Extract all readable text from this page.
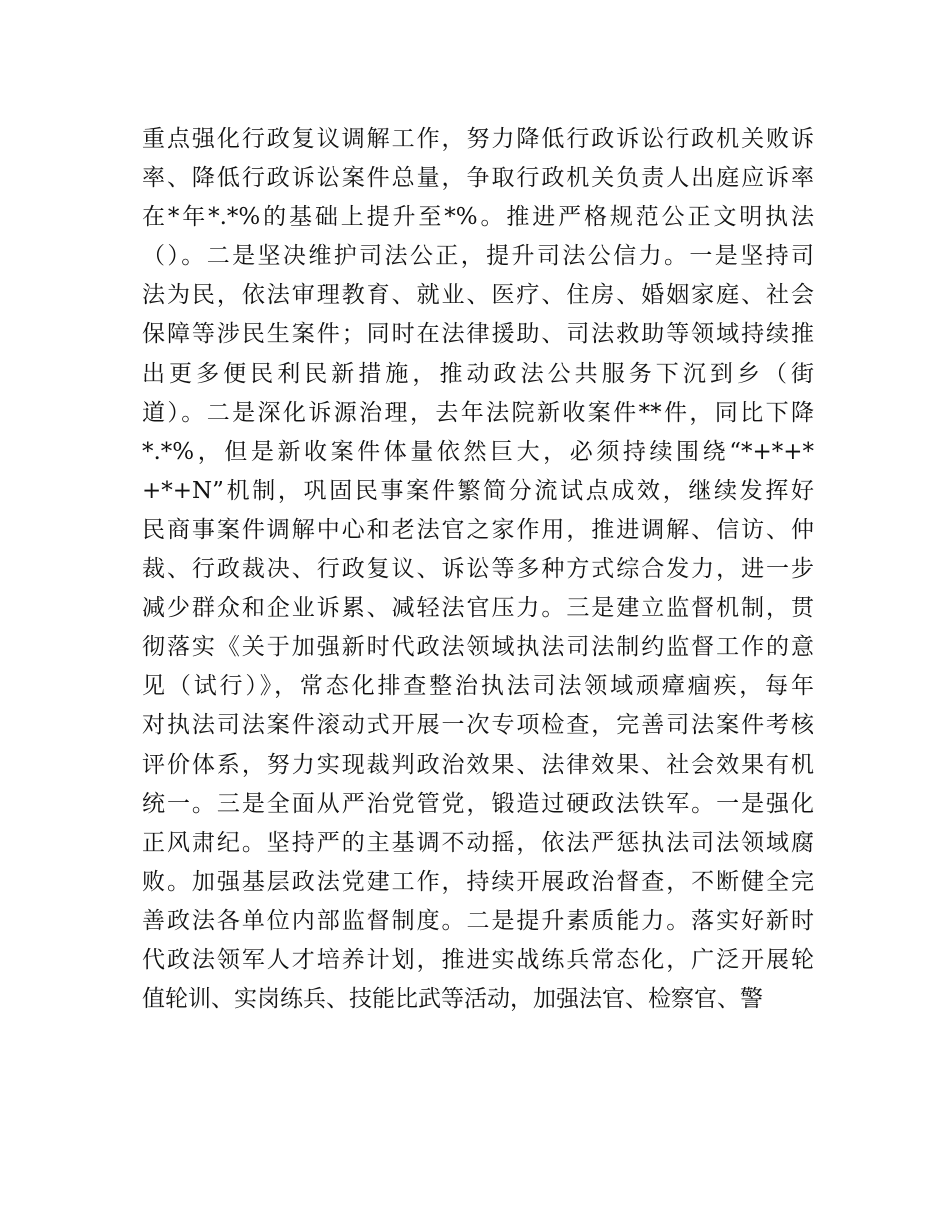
重点强化行政复议调解工作，努力降低行政诉讼行政机关败诉
率、降低行政诉讼案件总量，争取行政机关负责人出庭应诉率
在*年*.*%的基础上提升至*%。推进严格规范公正文明执法
（）。二是坚决维护司法公正，提升司法公信力。一是坚持司
法为民，依法审理教育、就业、医疗、住房、婚姻家庭、社会
保障等涉民生案件；同时在法律援助、司法救助等领域持续推
出更多便民利民新措施，推动政法公共服务下沉到乡（街
道）。二是深化诉源治理，去年法院新收案件**件，同比下降
*.*%，但是新收案件体量依然巨大，必须持续围绕“*+*+*
+*+N”机制，巩固民事案件繁简分流试点成效，继续发挥好
民商事案件调解中心和老法官之家作用，推进调解、信访、仲
裁、行政裁决、行政复议、诉讼等多种方式综合发力，进一步
减少群众和企业诉累、减轻法官压力。三是建立监督机制，贯
彻落实《关于加强新时代政法领域执法司法制约监督工作的意
见（试行）》，常态化排查整治执法司法领域顽瘴痼疾，每年
对执法司法案件滚动式开展一次专项检查，完善司法案件考核
评价体系，努力实现裁判政治效果、法律效果、社会效果有机
统一。三是全面从严治党管党，锻造过硬政法铁军。一是强化
正风肃纪。坚持严的主基调不动摇，依法严惩执法司法领域腐
败。加强基层政法党建工作，持续开展政治督查，不断健全完
善政法各单位内部监督制度。二是提升素质能力。落实好新时
代政法领军人才培养计划，推进实战练兵常态化，广泛开展轮
值轮训、实岗练兵、技能比武等活动，加强法官、检察官、警
